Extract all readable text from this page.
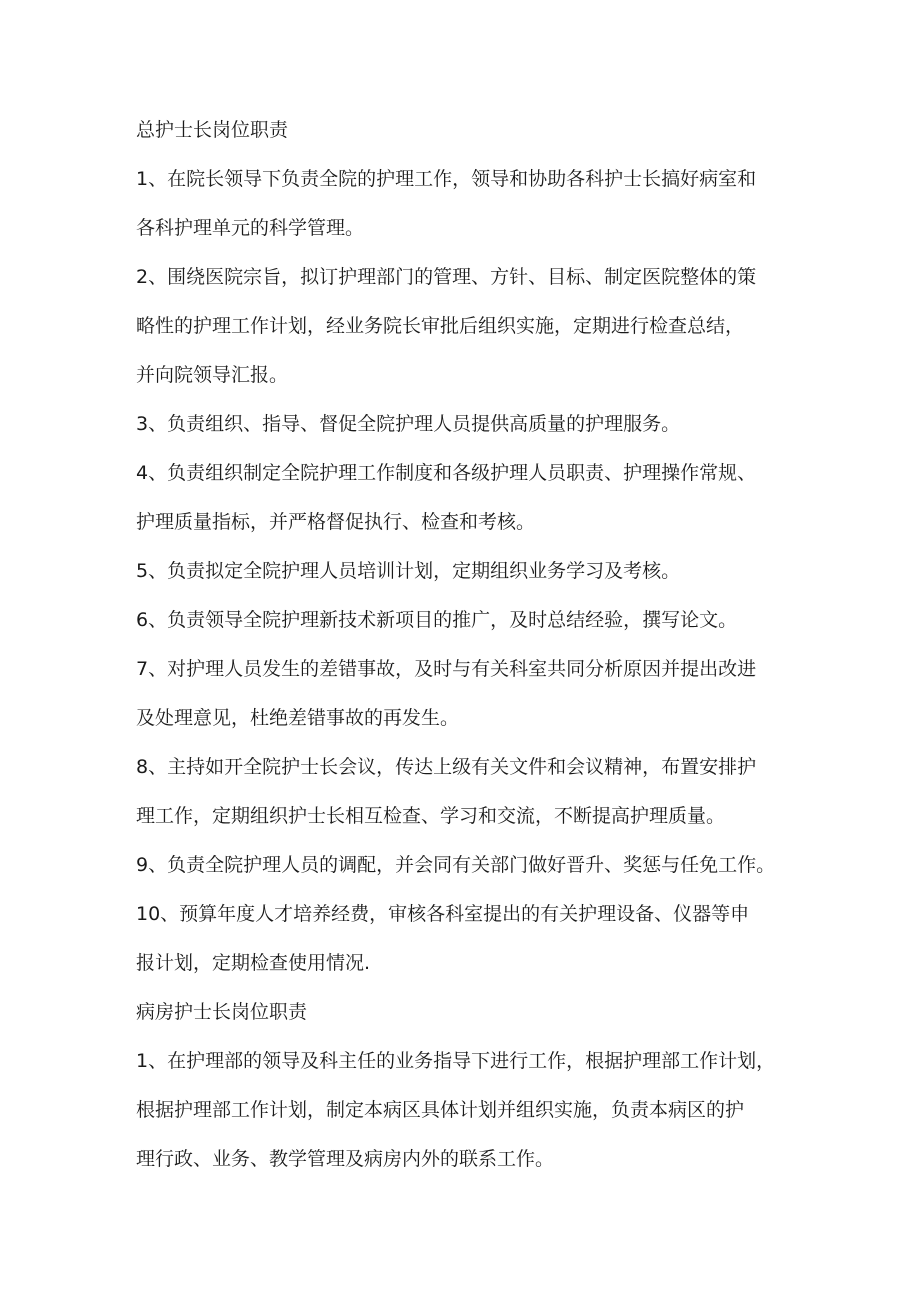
总护士长岗位职责
1、在院长领导下负责全院的护理工作，领导和协助各科护士长搞好病室和
各科护理单元的科学管理。
2、围绕医院宗旨，拟订护理部门的管理、方针、目标、制定医院整体的策
略性的护理工作计划，经业务院长审批后组织实施，定期进行检查总结，
并向院领导汇报。
3、负责组织、指导、督促全院护理人员提供高质量的护理服务。
4、负责组织制定全院护理工作制度和各级护理人员职责、护理操作常规、
护理质量指标，并严格督促执行、检查和考核。
5、负责拟定全院护理人员培训计划，定期组织业务学习及考核。
6、负责领导全院护理新技术新项目的推广，及时总结经验，撰写论文。
7、对护理人员发生的差错事故，及时与有关科室共同分析原因并提出改进
及处理意见，杜绝差错事故的再发生。
8、主持如开全院护士长会议，传达上级有关文件和会议精神，布置安排护
理工作，定期组织护士长相互检查、学习和交流，不断提高护理质量。
9、负责全院护理人员的调配，并会同有关部门做好晋升、奖惩与任免工作。
10、预算年度人才培养经费，审核各科室提出的有关护理设备、仪器等申
报计划，定期检查使用情况.
病房护士长岗位职责
1、在护理部的领导及科主任的业务指导下进行工作，根据护理部工作计划，
根据护理部工作计划，制定本病区具体计划并组织实施，负责本病区的护
理行政、业务、教学管理及病房内外的联系工作。
